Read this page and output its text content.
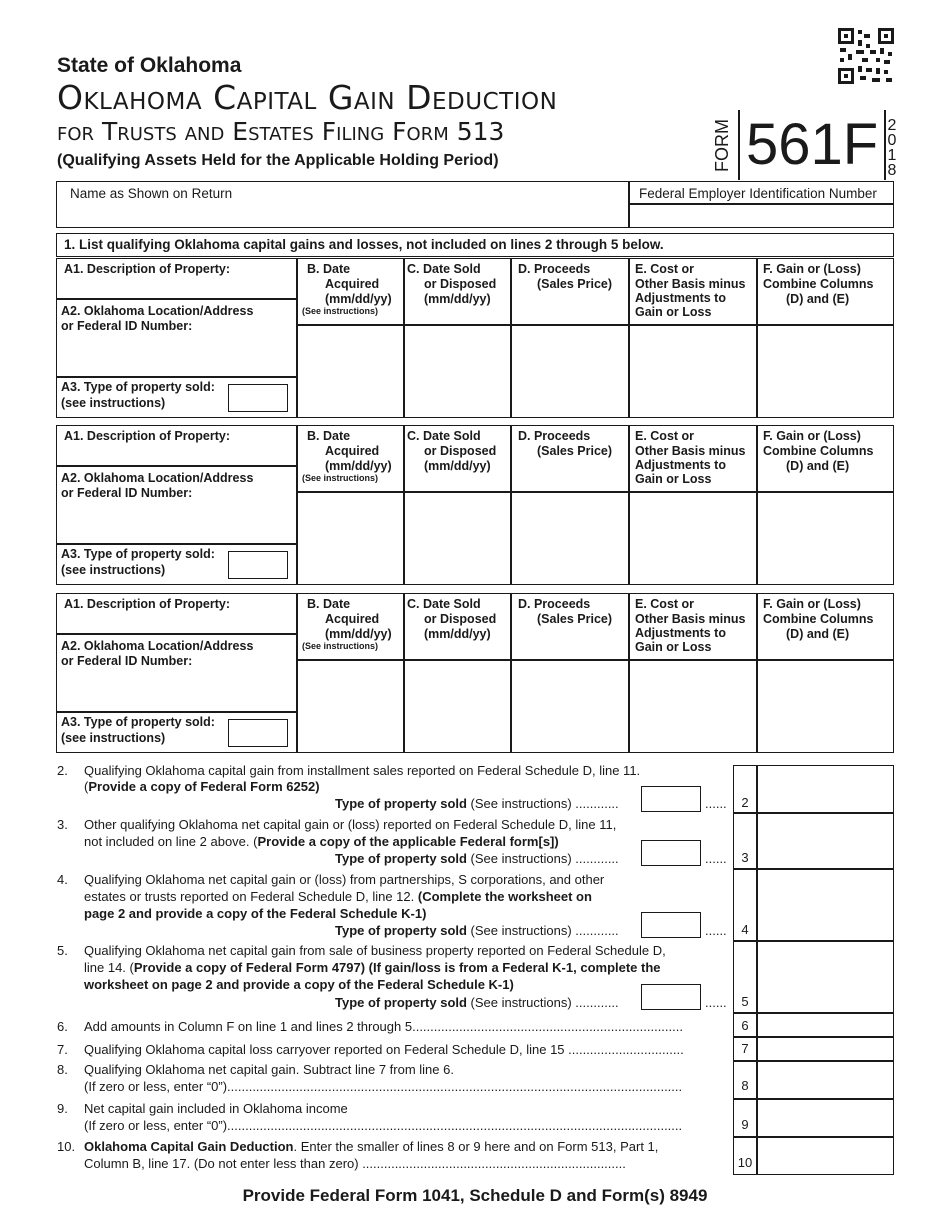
State of Oklahoma
Oklahoma Capital Gain Deduction
for Trusts and Estates Filing Form 513
(Qualifying Assets Held for the Applicable Holding Period)	FORM 561F 2
0
1
8
Name as Shown on Return	Federal Employer Identification Number
1. List qualifying Oklahoma capital gains and losses, not included on lines 2 through 5 below.
A1. Description of Property:
A2. Oklahoma Location/Address
or Federal ID Number:
A3. Type of property sold:
(see instructions)
B. Date
Acquired
(mm/dd/yy)
(See instructions)
C. Date Sold
or Disposed
(mm/dd/yy)
D. Proceeds
(Sales Price)
E. Cost or
Other Basis minus
Adjustments to
Gain or Loss
F. Gain or (Loss)
Combine Columns
(D) and (E)
A1. Description of Property:
A2. Oklahoma Location/Address
or Federal ID Number:
A3. Type of property sold:
(see instructions)
B. Date
Acquired
(mm/dd/yy)
(See instructions)
C. Date Sold
or Disposed
(mm/dd/yy)
D. Proceeds
(Sales Price)
E. Cost or
Other Basis minus
Adjustments to
Gain or Loss
F. Gain or (Loss)
Combine Columns
(D) and (E)
A1. Description of Property:
A2. Oklahoma Location/Address
or Federal ID Number:
A3. Type of property sold:
(see instructions)
B. Date
Acquired
(mm/dd/yy)
(See instructions)
C. Date Sold
or Disposed
(mm/dd/yy)
D. Proceeds
(Sales Price)
E. Cost or
Other Basis minus
Adjustments to
Gain or Loss
F. Gain or (Loss)
Combine Columns
(D) and (E)
2. Qualifying Oklahoma capital gain from installment sales reported on Federal Schedule D, line 11.
(Provide a copy of Federal Form 6252)
Type of property sold (See instructions) ............	......	2
3. Other qualifying Oklahoma net capital gain or (loss) reported on Federal Schedule D, line 11,
not included on line 2 above. (Provide a copy of the applicable Federal form[s])
Type of property sold (See instructions) ............	......	3
4. Qualifying Oklahoma net capital gain or (loss) from partnerships, S corporations, and other
estates or trusts reported on Federal Schedule D, line 12. (Complete the worksheet on
page 2 and provide a copy of the Federal Schedule K-1)
Type of property sold (See instructions) ............	......	4
5. Qualifying Oklahoma net capital gain from sale of business property reported on Federal Schedule D,
line 14. (Provide a copy of Federal Form 4797) (If gain/loss is from a Federal K-1, complete the
worksheet on page 2 and provide a copy of the Federal Schedule K-1)
Type of property sold (See instructions) ............	......	5
6. Add amounts in Column F on line 1 and lines 2 through 5...........................................................................	6
7. Qualifying Oklahoma capital loss carryover reported on Federal Schedule D, line 15 ................................	7
8. Qualifying Oklahoma net capital gain. Subtract line 7 from line 6.
(If zero or less, enter “0”)..............................................................................................................................	8
9. Net capital gain included in Oklahoma income
(If zero or less, enter “0”)..............................................................................................................................	9
10. Oklahoma Capital Gain Deduction. Enter the smaller of lines 8 or 9 here and on Form 513, Part 1,
Column B, line 17. (Do not enter less than zero) .........................................................................	10
Provide Federal Form 1041, Schedule D and Form(s) 8949
